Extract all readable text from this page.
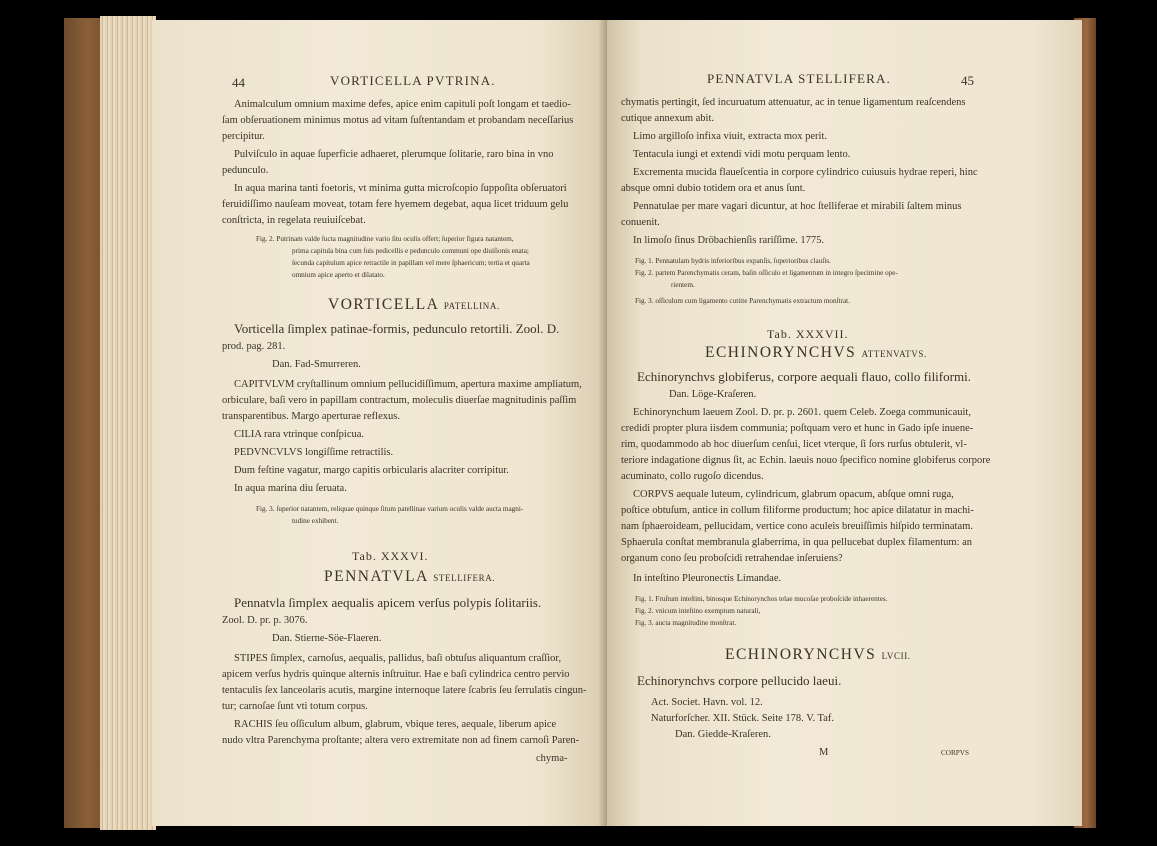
44	VORTICELLA PVTRINA.
Animalculum omnium maxime defes, apice enim capituli poſt longam et taedio-
ſam obſeruationem minimus motus ad vitam ſuſtentandam et probandam neceſſarius
percipitur.
Pulviſculo in aquae ſuperficie adhaeret, plerumque ſolitarie, raro bina in vno
pedunculo.
In aqua marina tanti foetoris, vt minima gutta microſcopio ſuppoſita obſeruatori
feruidiſſimo nauſeam moveat, totam fere hyemem degebat, aqua licet triduum gelu
conſtricta, in regelata reuiuiſcebat.
Fig. 2. Putrinam valde ſucta magnitudine vario ſitu oculis offert; ſuperior figura natantem,
prima capitula bina cum ſuis pedicellis e pedunculo communi ope diuiſionis enata;
ſecunda capitulum apice retractile in papillam vel mere ſphaericum; tertia et quarta
omnium apice aperto et dilatato.
VORTICELLA PATELLINA.
Vorticella ſimplex patinae-formis, pedunculo retortili. Zool. D.
prod. pag. 281.
Dan. Fad-Smurreren.
CAPITVLVM cryſtallinum omnium pellucidiſſimum, apertura maxime ampliatum,
orbiculare, baſi vero in papillam contractum, moleculis diuerſae magnitudinis paſſim
transparentibus. Margo aperturae reflexus.
CILIA rara vtrinque conſpicua.
PEDVNCVLVS longiſſime retractilis.
Dum feſtine vagatur, margo capitis orbicularis alacriter corripitur.
In aqua marina diu ſeruata.
Fig. 3. ſuperior natantem, reliquae quinque ſitum patellinae varium oculis valde aucta magni-
tudine exhibent.
Tab. XXXVI.
PENNATVLA STELLIFERA.
Pennatvla ſimplex aequalis apicem verſus polypis ſolitariis.
Zool. D. pr. p. 3076.
Dan. Stierne-Söe-Flaeren.
STIPES ſimplex, carnoſus, aequalis, pallidus, baſi obtuſus aliquantum craſſior,
apicem verſus hydris quinque alternis inſtruitur. Hae e baſi cylindrica centro pervio
tentaculis ſex lanceolaris acutis, margine internoque latere ſcabris ſeu ſerrulatis cingun-
tur; carnoſae ſunt vti totum corpus.
RACHIS ſeu oſſiculum album, glabrum, vbique teres, aequale, liberum apice
nudo vltra Parenchyma proſtante; altera vero extremitate non ad finem carnoſi Paren-
chyma-
PENNATVLA STELLIFERA.	45
chymatis pertingit, ſed incuruatum attenuatur, ac in tenue ligamentum reaſcendens
cutique annexum abit.
Limo argilloſo infixa viuit, extracta mox perit.
Tentacula iungi et extendi vidi motu perquam lento.
Excrementa mucida flaueſcentia in corpore cylindrico cuiusuis hydrae reperi, hinc
absque omni dubio totidem ora et anus ſunt.
Pennatulae per mare vagari dicuntur, at hoc ſtelliferae et mirabili ſaltem minus
conuenit.
In limoſo ſinus Dröbachienſis rariſſime. 1775.
Fig. 1. Pennatulam hydris inferioribus expanſis, ſuperioribus clauſis.
Fig. 2. partem Parenchymatis ceram, baſin oſſiculo et ligamentum in integro ſpecimine ope-
rientem.
Fig. 3. oſſiculum cum ligamento cutitte Parenchymatis extractum monſtrat.
Tab. XXXVII.
ECHINORYNCHVS ATTENVATVS.
Echinorynchvs globiferus, corpore aequali flauo, collo filiformi.
Dan. Löge-Kraſeren.
Echinorynchum laeuem Zool. D. pr. p. 2601. quem Celeb. Zoega communicauit,
credidi propter plura iisdem communia; poſtquam vero et hunc in Gado ipſe inuene-
rim, quodammodo ab hoc diuerſum cenſui, licet vterque, ſi ſors rurſus obtulerit, vl-
teriore indagatione dignus ſit, ac Echin. laeuis nouo ſpecifico nomine globiferus corpore
acuminato, collo rugoſo dicendus.
CORPVS aequale luteum, cylindricum, glabrum opacum, abſque omni ruga,
poſtice obtuſum, antice in collum filiforme productum; hoc apice dilatatur in machi-
nam ſphaeroideam, pellucidam, vertice cono aculeis breuiſſimis hiſpido terminatam.
Sphaerula conſtat membranula glaberrima, in qua pellucebat duplex filamentum: an
organum cono ſeu proboſcidi retrahendae inſeruiens?
In inteſtino Pleuronectis Limandae.
Fig. 1. Fruſtum inteſtini, binosque Echinorynchos telae mucoſae proboſcide inhaerentes.
Fig. 2. vnicum inteſtino exemptum naturali,
Fig. 3. aucta magnitudine monſtrat.
ECHINORYNCHVS LVCII.
Echinorynchvs corpore pellucido laeui.
Act. Societ. Havn. vol. 12.
Naturforſcher. XII. Stück. Seite 178. V. Taf.
Dan. Giedde-Kraſeren.
M	CORPVS
